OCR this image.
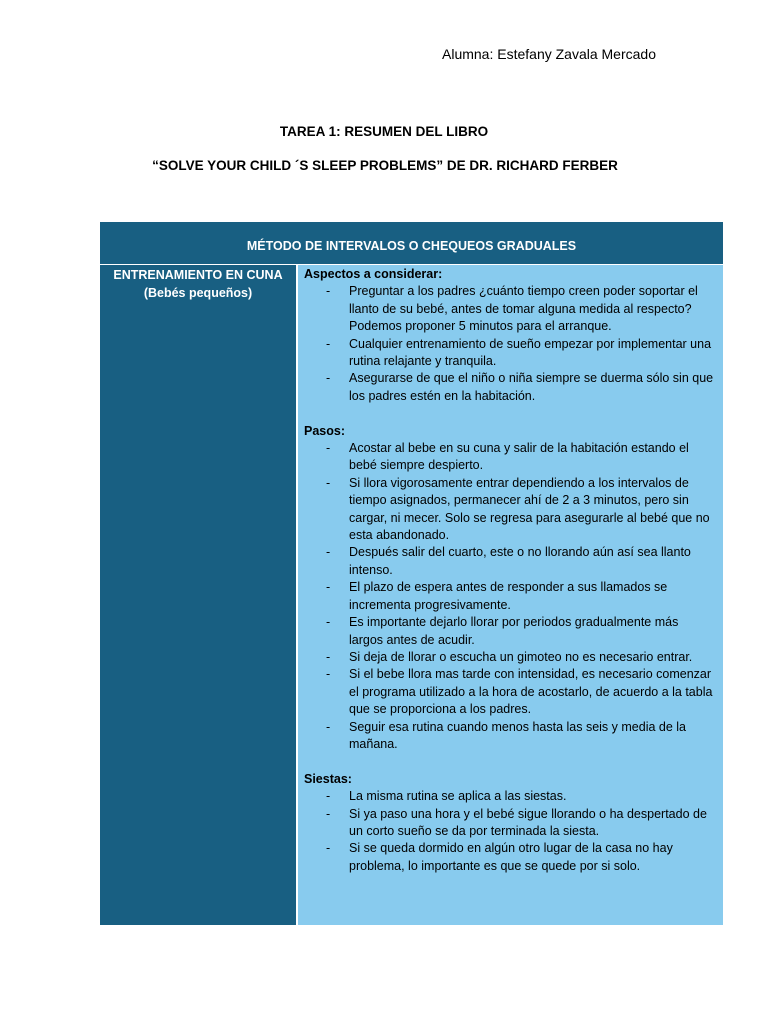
Alumna: Estefany Zavala Mercado
TAREA 1: RESUMEN DEL LIBRO
“SOLVE YOUR CHILD ´S SLEEP PROBLEMS” DE DR. RICHARD FERBER
MÉTODO DE INTERVALOS O CHEQUEOS GRADUALES
ENTRENAMIENTO EN CUNA
(Bebés pequeños)
Aspectos a considerar:
- Preguntar a los padres ¿cuánto tiempo creen poder soportar el llanto de su bebé, antes de tomar alguna medida al respecto? Podemos proponer 5 minutos para el arranque.
- Cualquier entrenamiento de sueño empezar por implementar una rutina relajante y tranquila.
- Asegurarse de que el niño o niña siempre se duerma sólo sin que los padres estén en la habitación.
Pasos:
- Acostar al bebe en su cuna y salir de la habitación estando el bebé siempre despierto.
- Si llora vigorosamente entrar dependiendo a los intervalos de tiempo asignados, permanecer ahí de 2 a 3 minutos, pero sin cargar, ni mecer. Solo se regresa para asegurarle al bebé que no esta abandonado.
- Después salir del cuarto, este o no llorando aún así sea llanto intenso.
- El plazo de espera antes de responder a sus llamados se incrementa progresivamente.
- Es importante dejarlo llorar por periodos gradualmente más largos antes de acudir.
- Si deja de llorar o escucha un gimoteo no es necesario entrar.
- Si el bebe llora mas tarde con intensidad, es necesario comenzar el programa utilizado a la hora de acostarlo, de acuerdo a la tabla que se proporciona a los padres.
- Seguir esa rutina cuando menos hasta las seis y media de la mañana.
Siestas:
- La misma rutina se aplica a las siestas.
- Si ya paso una hora y el bebé sigue llorando o ha despertado de un corto sueño se da por terminada la siesta.
- Si se queda dormido en algún otro lugar de la casa no hay problema, lo importante es que se quede por si solo.
